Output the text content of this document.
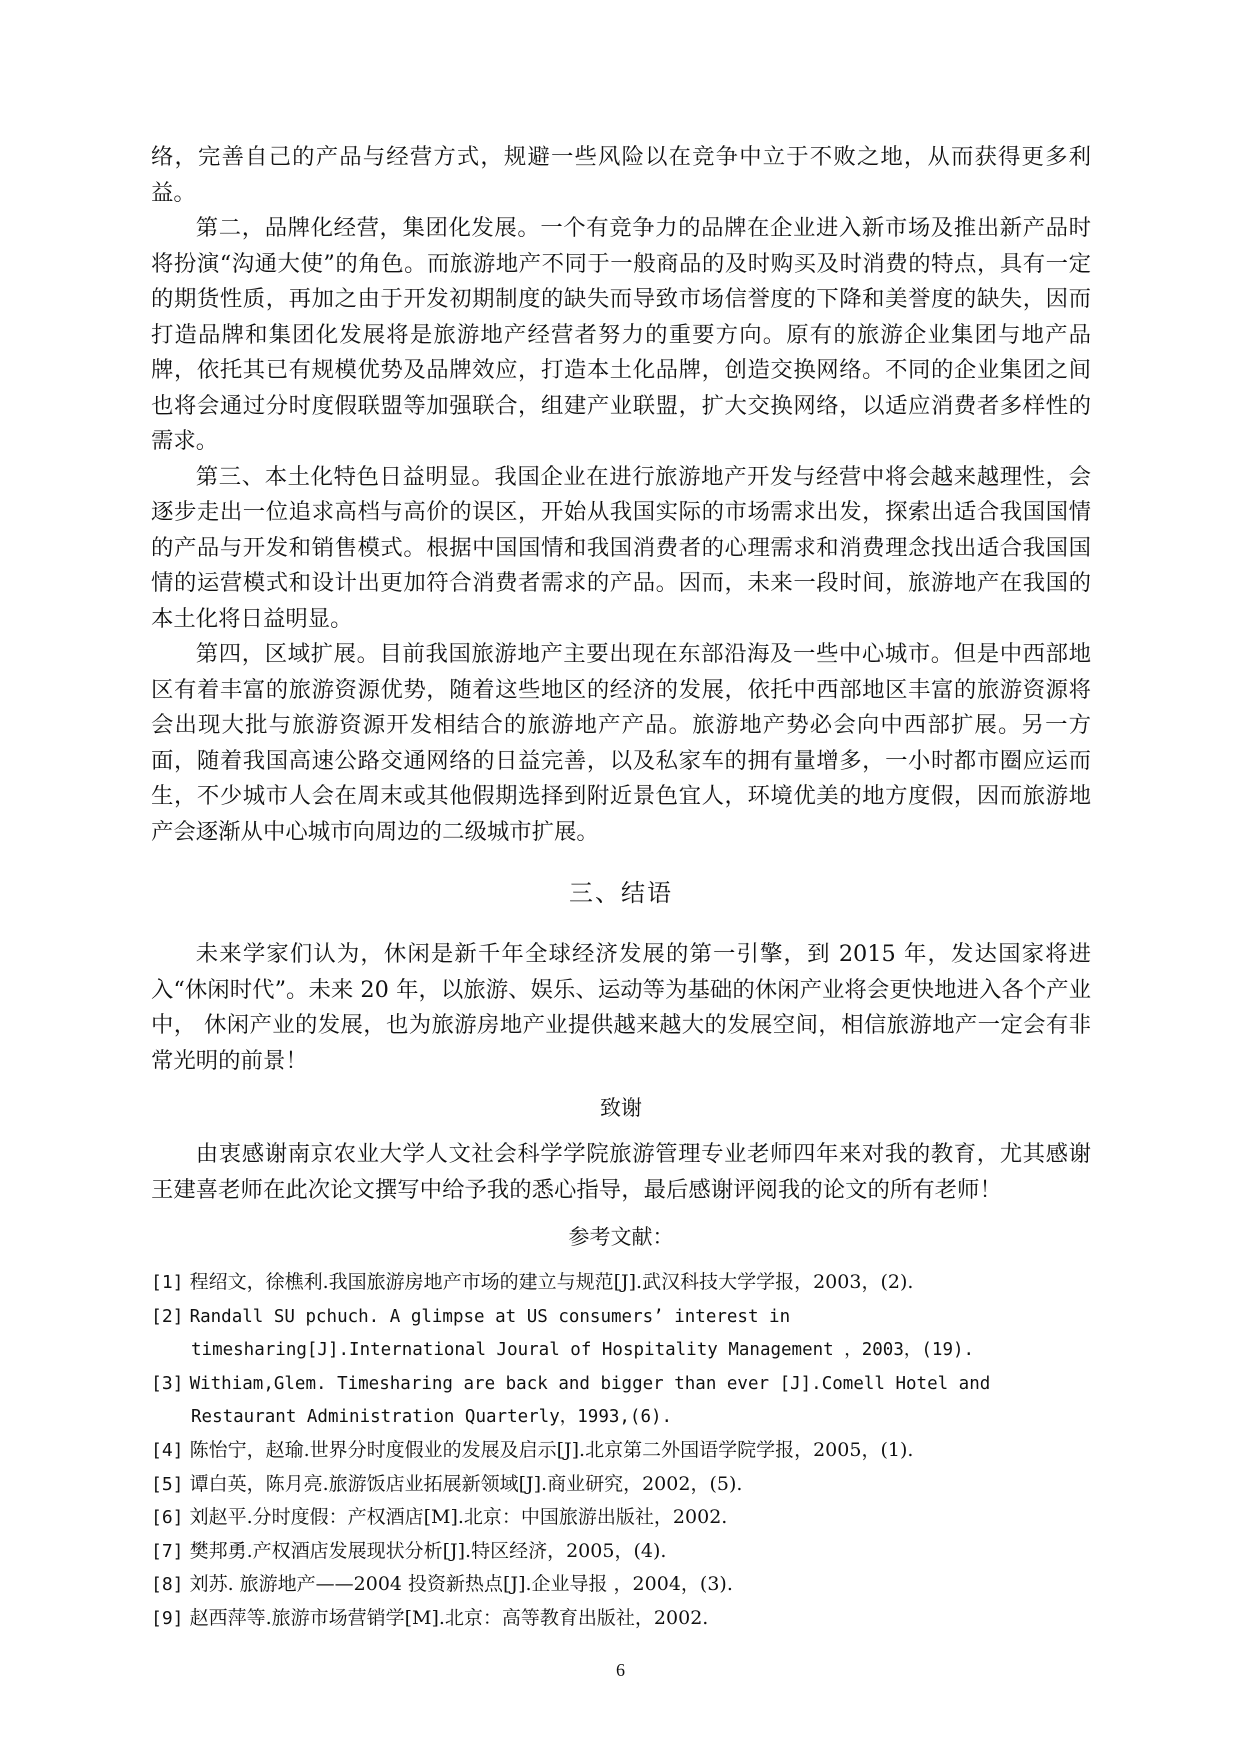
络，完善自己的产品与经营方式，规避一些风险以在竞争中立于不败之地，从而获得更多利益。

第二，品牌化经营，集团化发展。一个有竞争力的品牌在企业进入新市场及推出新产品时将扮演“沟通大使”的角色。而旅游地产不同于一般商品的及时购买及时消费的特点，具有一定的期货性质，再加之由于开发初期制度的缺失而导致市场信誉度的下降和美誉度的缺失，因而打造品牌和集团化发展将是旅游地产经营者努力的重要方向。原有的旅游企业集团与地产品牌，依托其已有规模优势及品牌效应，打造本土化品牌，创造交换网络。不同的企业集团之间也将会通过分时度假联盟等加强联合，组建产业联盟，扩大交换网络，以适应消费者多样性的需求。

第三、本土化特色日益明显。我国企业在进行旅游地产开发与经营中将会越来越理性，会逐步走出一位追求高档与高价的误区，开始从我国实际的市场需求出发，探索出适合我国国情的产品与开发和销售模式。根据中国国情和我国消费者的心理需求和消费理念找出适合我国国情的运营模式和设计出更加符合消费者需求的产品。因而，未来一段时间，旅游地产在我国的本土化将日益明显。

第四，区域扩展。目前我国旅游地产主要出现在东部沿海及一些中心城市。但是中西部地区有着丰富的旅游资源优势，随着这些地区的经济的发展，依托中西部地区丰富的旅游资源将会出现大批与旅游资源开发相结合的旅游地产产品。旅游地产势必会向中西部扩展。另一方面，随着我国高速公路交通网络的日益完善，以及私家车的拥有量增多，一小时都市圈应运而生，不少城市人会在周末或其他假期选择到附近景色宜人，环境优美的地方度假，因而旅游地产会逐渐从中心城市向周边的二级城市扩展。

三、结语

未来学家们认为，休闲是新千年全球经济发展的第一引擎，到 2015 年，发达国家将进入“休闲时代”。未来 20 年，以旅游、娱乐、运动等为基础的休闲产业将会更快地进入各个产业中， 休闲产业的发展，也为旅游房地产业提供越来越大的发展空间，相信旅游地产一定会有非常光明的前景！

致谢

由衷感谢南京农业大学人文社会科学学院旅游管理专业老师四年来对我的教育，尤其感谢王建喜老师在此次论文撰写中给予我的悉心指导，最后感谢评阅我的论文的所有老师！

参考文献：
[1] 程绍文，徐樵利.我国旅游房地产市场的建立与规范[J].武汉科技大学学报，2003，(2).
[2] Randall SU pchuch. A glimpse at US consumers’ interest in timesharing[J].International Joural of Hospitality Management ，2003，(19).
[3] Withiam,Glem. Timesharing are back and bigger than ever [J].Comell Hotel and Restaurant Administration Quarterly，1993,(6).
[4] 陈怡宁，赵瑜.世界分时度假业的发展及启示[J].北京第二外国语学院学报，2005，(1).
[5] 谭白英，陈月亮.旅游饭店业拓展新领域[J].商业研究，2002，(5).
[6] 刘赵平.分时度假：产权酒店[M].北京：中国旅游出版社，2002.
[7] 樊邦勇.产权酒店发展现状分析[J].特区经济，2005，(4).
[8] 刘苏. 旅游地产——2004 投资新热点[J].企业导报 ，2004，(3).
[9] 赵西萍等.旅游市场营销学[M].北京：高等教育出版社，2002.
6
